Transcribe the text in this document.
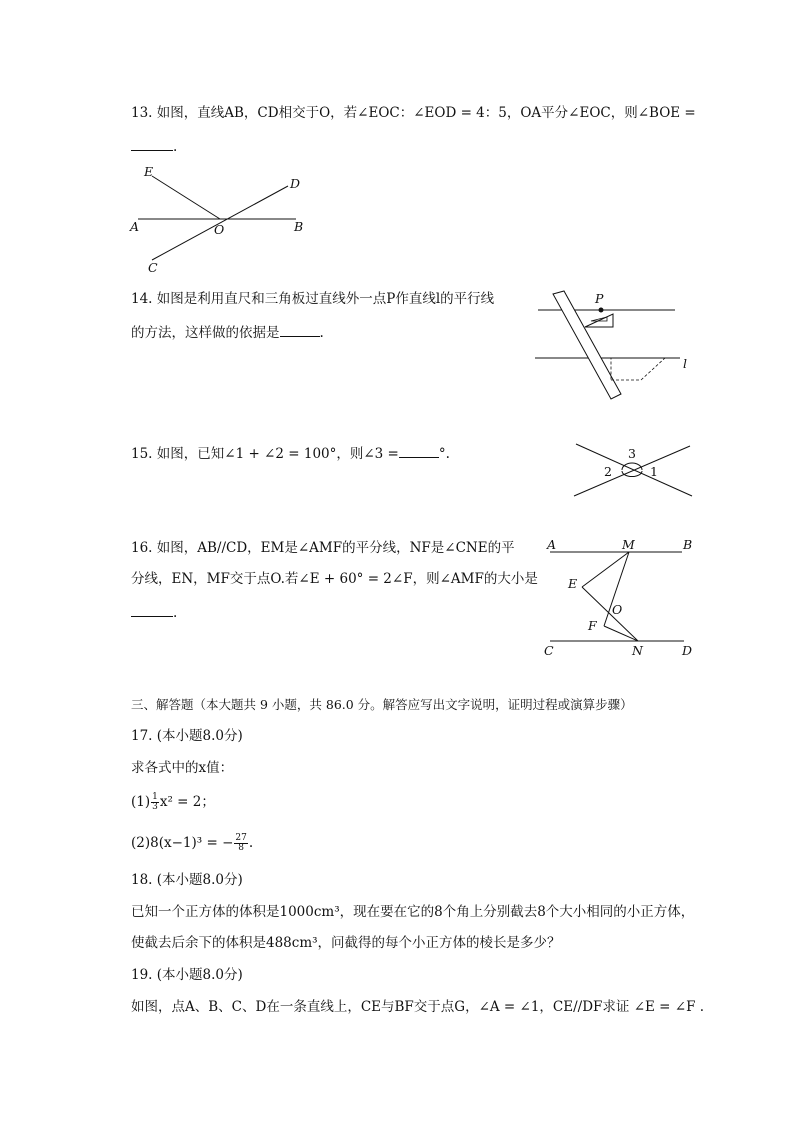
13. 如图，直线AB，CD相交于O，若∠EOC：∠EOD = 4：5，OA平分∠EOC，则∠BOE =
.
E
D
A	O	B
C
14. 如图是利用直尺和三角板过直线外一点P作直线l的平行线
的方法，这样做的依据是	.
P
l
15. 如图，已知∠1 + ∠2 = 100°，则∠3 =	°.	3
2	1
16. 如图，AB//CD，EM是∠AMF的平分线，NF是∠CNE的平
分线，EN，MF交于点O.若∠E + 60° = 2∠F，则∠AMF的大小是
.
A	M	B
E
O
F
C	N	D
三、解答题（本大题共 9 小题，共 86.0 分。解答应写出文字说明，证明过程或演算步骤）
17. (本小题8.0分)
求各式中的x值：
$(1) \frac{1}{3} x^2 = 2$；
(2)8(x−1)³ = − $\frac{27}{8}$ .
18. (本小题8.0分)
已知一个正方体的体积是1000cm³，现在要在它的8个角上分别截去8个大小相同的小正方体，
使截去后余下的体积是488cm³，问截得的每个小正方体的棱长是多少？
19. (本小题8.0分)
如图，点A、B、C、D在一条直线上，CE与BF交于点G，∠A = ∠1，CE//DF求证 ∠E = ∠F .
